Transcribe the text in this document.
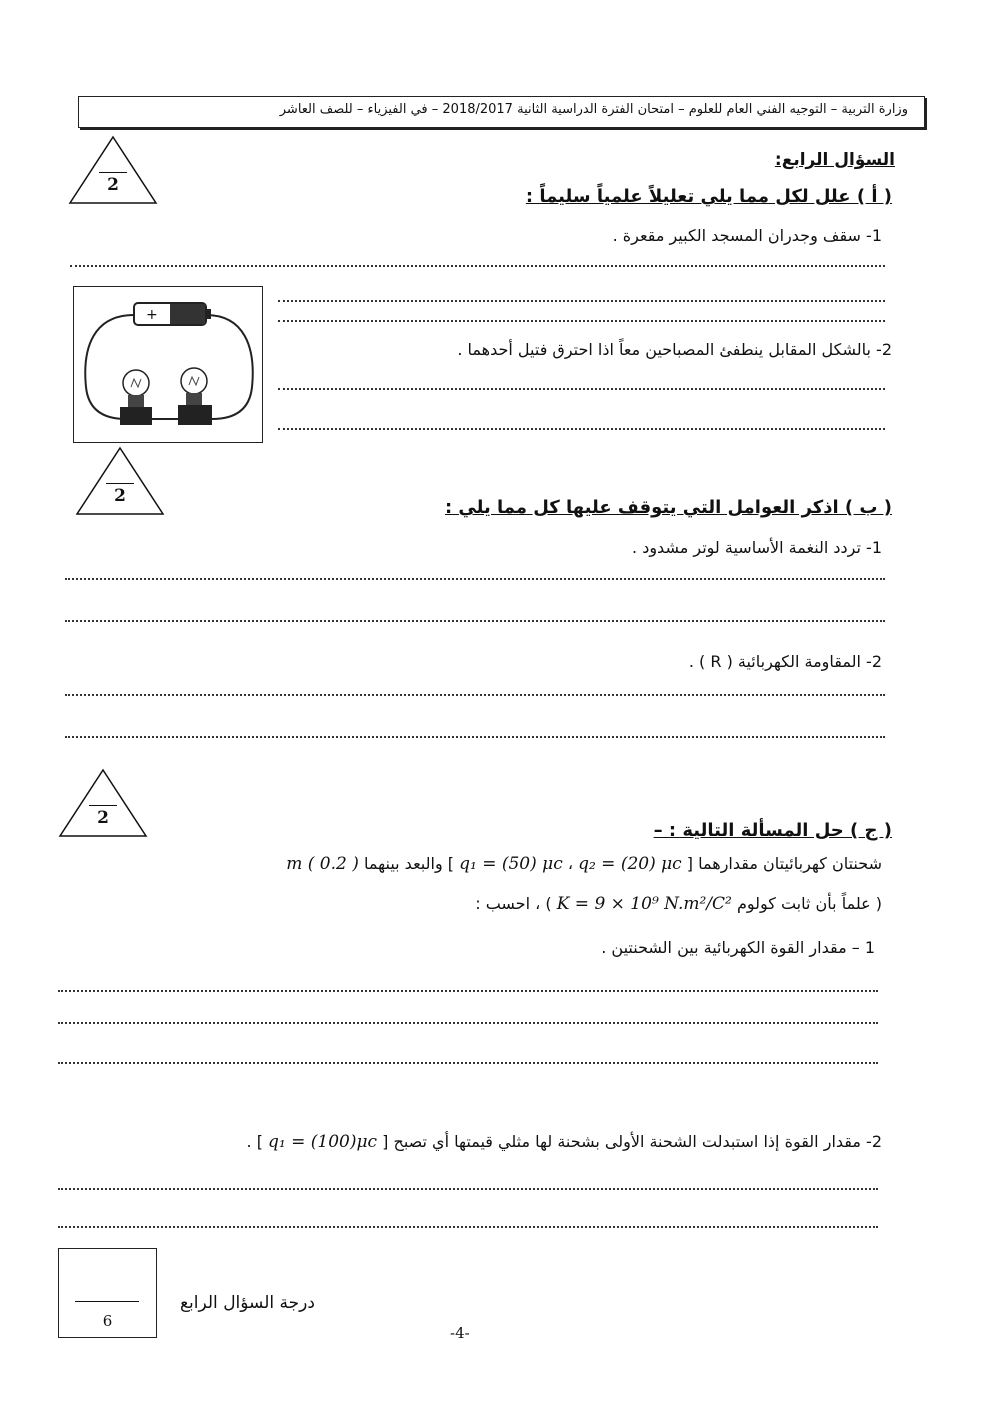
وزارة التربية – التوجيه الفني العام للعلوم – امتحان الفترة الدراسية الثانية 2018/2017 – في الفيزياء – للصف العاشر
السؤال الرابع:
2
( أ ) علل لكل مما يلي تعليلاً علمياً سليماً :
1- سقف وجدران المسجد الكبير مقعرة .
+
2- بالشكل المقابل ينطفئ المصباحين معاً اذا احترق فتيل أحدهما .
2
( ب ) اذكر العوامل التي يتوقف عليها كل مما يلي :
1- تردد النغمة الأساسية لوتر مشدود .
2- المقاومة الكهربائية ( R ) .
2
( ج ) حل المسألة التالية : –
شحنتان كهربائيتان مقدارهما [ q₁ = (50) μc ، q₂ = (20) μc ] والبعد بينهما ( 0.2 ) m
( علماً بأن ثابت كولوم K = 9 × 10⁹ N.m²/C² ) ، احسب :
1 – مقدار القوة الكهربائية بين الشحنتين .
2- مقدار القوة إذا استبدلت الشحنة الأولى بشحنة لها مثلي قيمتها أي تصبح [ q₁ = (100)μc ] .
6
درجة السؤال الرابع
-4-
